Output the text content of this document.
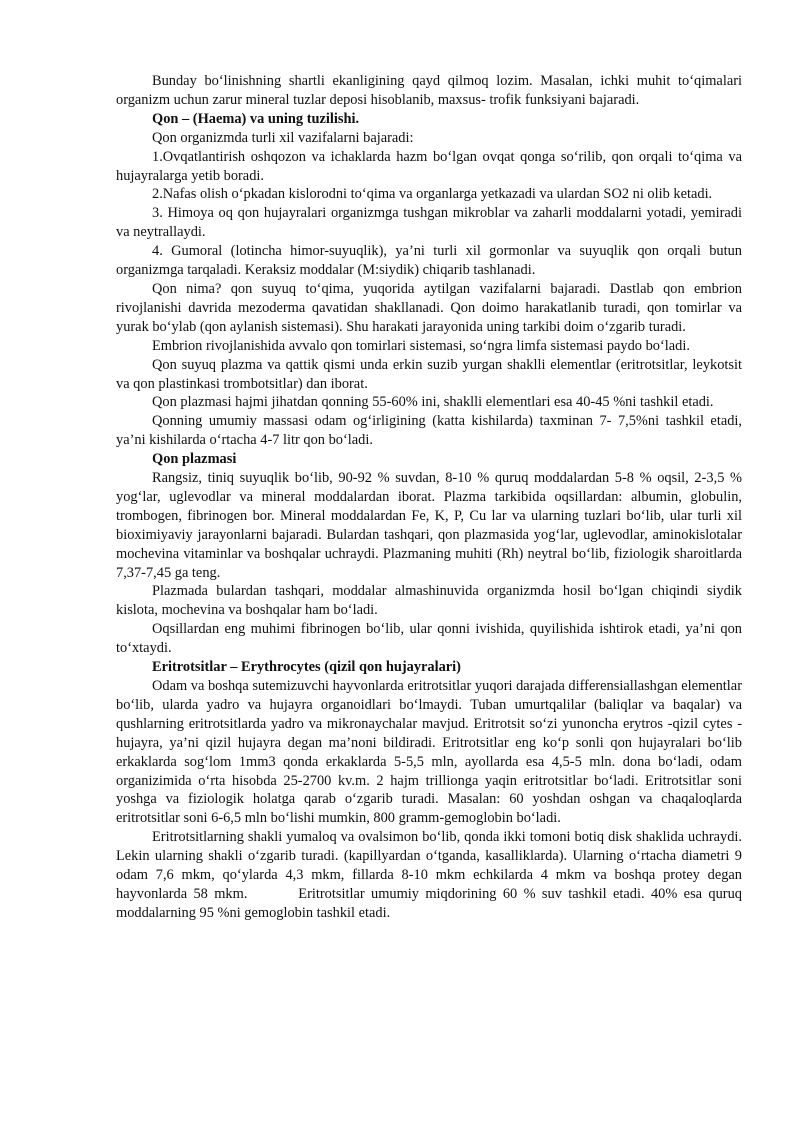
Bunday bo‘linishning shartli ekanligining qayd qilmoq lozim. Masalan, ichki muhit to‘qimalari organizm uchun zarur mineral tuzlar deposi hisoblanib, maxsus- trofik funksiyani bajaradi.

Qon – (Haema) va uning tuzilishi.

Qon organizmda turli xil vazifalarni bajaradi:

1.Ovqatlantirish oshqozon va ichaklarda hazm bo‘lgan ovqat qonga so‘rilib, qon orqali to‘qima va hujayralarga yetib boradi.

2.Nafas olish o‘pkadan kislorodni to‘qima va organlarga yetkazadi va ulardan SO2 ni olib ketadi.

3. Himoya oq qon hujayralari organizmga tushgan mikroblar va zaharli moddalarni yotadi, yemiradi va neytrallaydi.

4. Gumoral (lotincha himor-suyuqlik), ya’ni turli xil gormonlar va suyuqlik qon orqali butun organizmga tarqaladi. Keraksiz moddalar (M:siydik) chiqarib tashlanadi.

Qon nima? qon suyuq to‘qima, yuqorida aytilgan vazifalarni bajaradi. Dastlab qon embrion rivojlanishi davrida mezoderma qavatidan shakllanadi. Qon doimo harakatlanib turadi, qon tomirlar va yurak bo‘ylab (qon aylanish sistemasi). Shu harakati jarayonida uning tarkibi doim o‘zgarib turadi.

Embrion rivojlanishida avvalo qon tomirlari sistemasi, so‘ngra limfa sistemasi paydo bo‘ladi.

Qon suyuq plazma va qattik qismi unda erkin suzib yurgan shaklli elementlar (eritrotsitlar, leykotsit va qon plastinkasi trombotsitlar) dan iborat.

Qon plazmasi hajmi jihatdan qonning 55-60% ini, shaklli elementlari esa 40-45 %ni tashkil etadi.

Qonning umumiy massasi odam og‘irligining (katta kishilarda) taxminan 7- 7,5%ni tashkil etadi, ya’ni kishilarda o‘rtacha 4-7 litr qon bo‘ladi.

Qon plazmasi

Rangsiz, tiniq suyuqlik bo‘lib, 90-92 % suvdan, 8-10 % quruq moddalardan 5-8 % oqsil, 2-3,5 % yog‘lar, uglevodlar va mineral moddalardan iborat. Plazma tarkibida oqsillardan: albumin, globulin, trombogen, fibrinogen bor. Mineral moddalardan Fe, K, P, Cu lar va ularning tuzlari bo‘lib, ular turli xil bioximiyaviy jarayonlarni bajaradi. Bulardan tashqari, qon plazmasida yog‘lar, uglevodlar, aminokislotalar mochevina vitaminlar va boshqalar uchraydi. Plazmaning muhiti (Rh) neytral bo‘lib, fiziologik sharoitlarda 7,37-7,45 ga teng.

Plazmada bulardan tashqari, moddalar almashinuvida organizmda hosil bo‘lgan chiqindi siydik kislota, mochevina va boshqalar ham bo‘ladi.

Oqsillardan eng muhimi fibrinogen bo‘lib, ular qonni ivishida, quyilishida ishtirok etadi, ya’ni qon to‘xtaydi.

Eritrotsitlar – Erythrocytes (qizil qon hujayralari)

Odam va boshqa sutemizuvchi hayvonlarda eritrotsitlar yuqori darajada differensiallashgan elementlar bo‘lib, ularda yadro va hujayra organoidlari bo‘lmaydi. Tuban umurtqalilar (baliqlar va baqalar) va qushlarning eritrotsitlarda yadro va mikronaychalar mavjud. Eritrotsit so‘zi yunoncha erytros -qizil cytes -hujayra, ya’ni qizil hujayra degan ma’noni bildiradi. Eritrotsitlar eng ko‘p sonli qon hujayralari bo‘lib erkaklarda sog‘lom 1mm3 qonda erkaklarda 5-5,5 mln, ayollarda esa 4,5-5 mln. dona bo‘ladi, odam organizimida o‘rta hisobda 25-2700 kv.m. 2 hajm trillionga yaqin eritrotsitlar bo‘ladi. Eritrotsitlar soni yoshga va fiziologik holatga qarab o‘zgarib turadi. Masalan: 60 yoshdan oshgan va chaqaloqlarda eritrotsitlar soni 6-6,5 mln bo‘lishi mumkin, 800 gramm-gemoglobin bo‘ladi.

Eritrotsitlarning shakli yumaloq va ovalsimon bo‘lib, qonda ikki tomoni botiq disk shaklida uchraydi. Lekin ularning shakli o‘zgarib turadi. (kapillyardan o‘tganda, kasalliklarda). Ularning o‘rtacha diametri 9 odam 7,6 mkm, qo‘ylarda 4,3 mkm, fillarda 8-10 mkm echkilarda 4 mkm va boshqa protey degan hayvonlarda 58 mkm.        Eritrotsitlar umumiy miqdorining 60 % suv tashkil etadi. 40% esa quruq moddalarning 95 %ni gemoglobin tashkil etadi.
